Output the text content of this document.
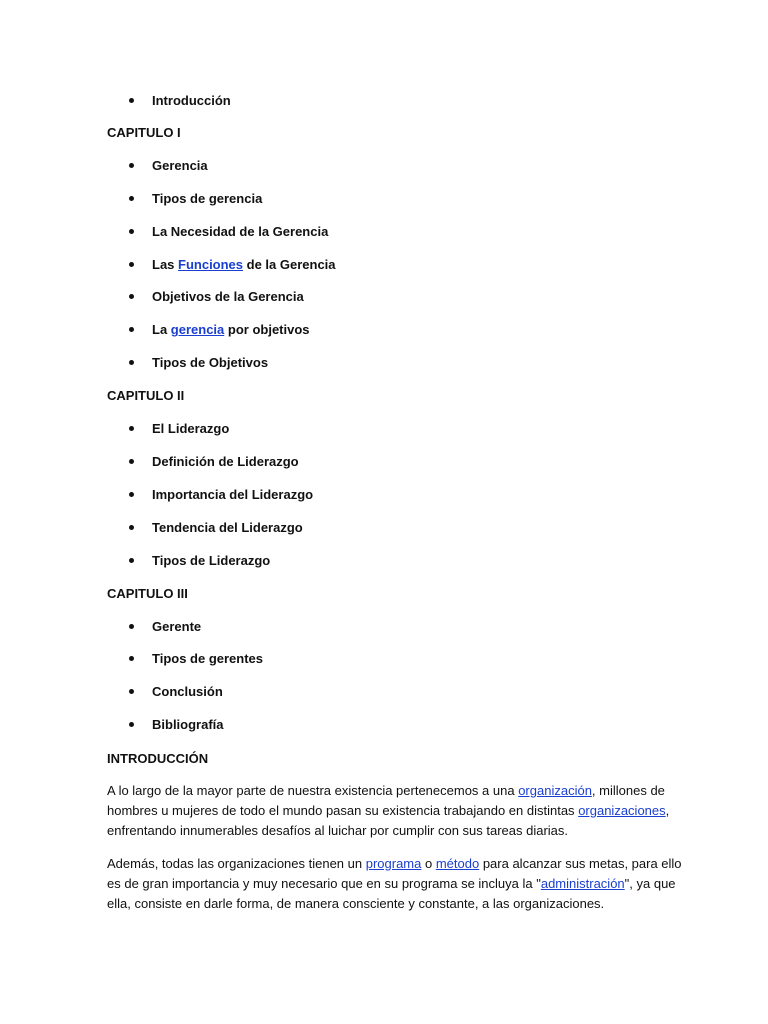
Introducción
CAPITULO I
Gerencia
Tipos de gerencia
La Necesidad de la Gerencia
Las Funciones de la Gerencia
Objetivos de la Gerencia
La gerencia por objetivos
Tipos de Objetivos
CAPITULO II
El Liderazgo
Definición de Liderazgo
Importancia del Liderazgo
Tendencia del Liderazgo
Tipos de Liderazgo
CAPITULO III
Gerente
Tipos de gerentes
Conclusión
Bibliografía
INTRODUCCIÓN
A lo largo de la mayor parte de nuestra existencia pertenecemos a una organización, millones de
hombres u mujeres de todo el mundo pasan su existencia trabajando en distintas organizaciones,
enfrentando innumerables desafíos al luichar por cumplir con sus tareas diarias.
Además, todas las organizaciones tienen un programa o método para alcanzar sus metas, para ello
es de gran importancia y muy necesario que en su programa se incluya la "administración", ya que
ella, consiste en darle forma, de manera consciente y constante, a las organizaciones.
